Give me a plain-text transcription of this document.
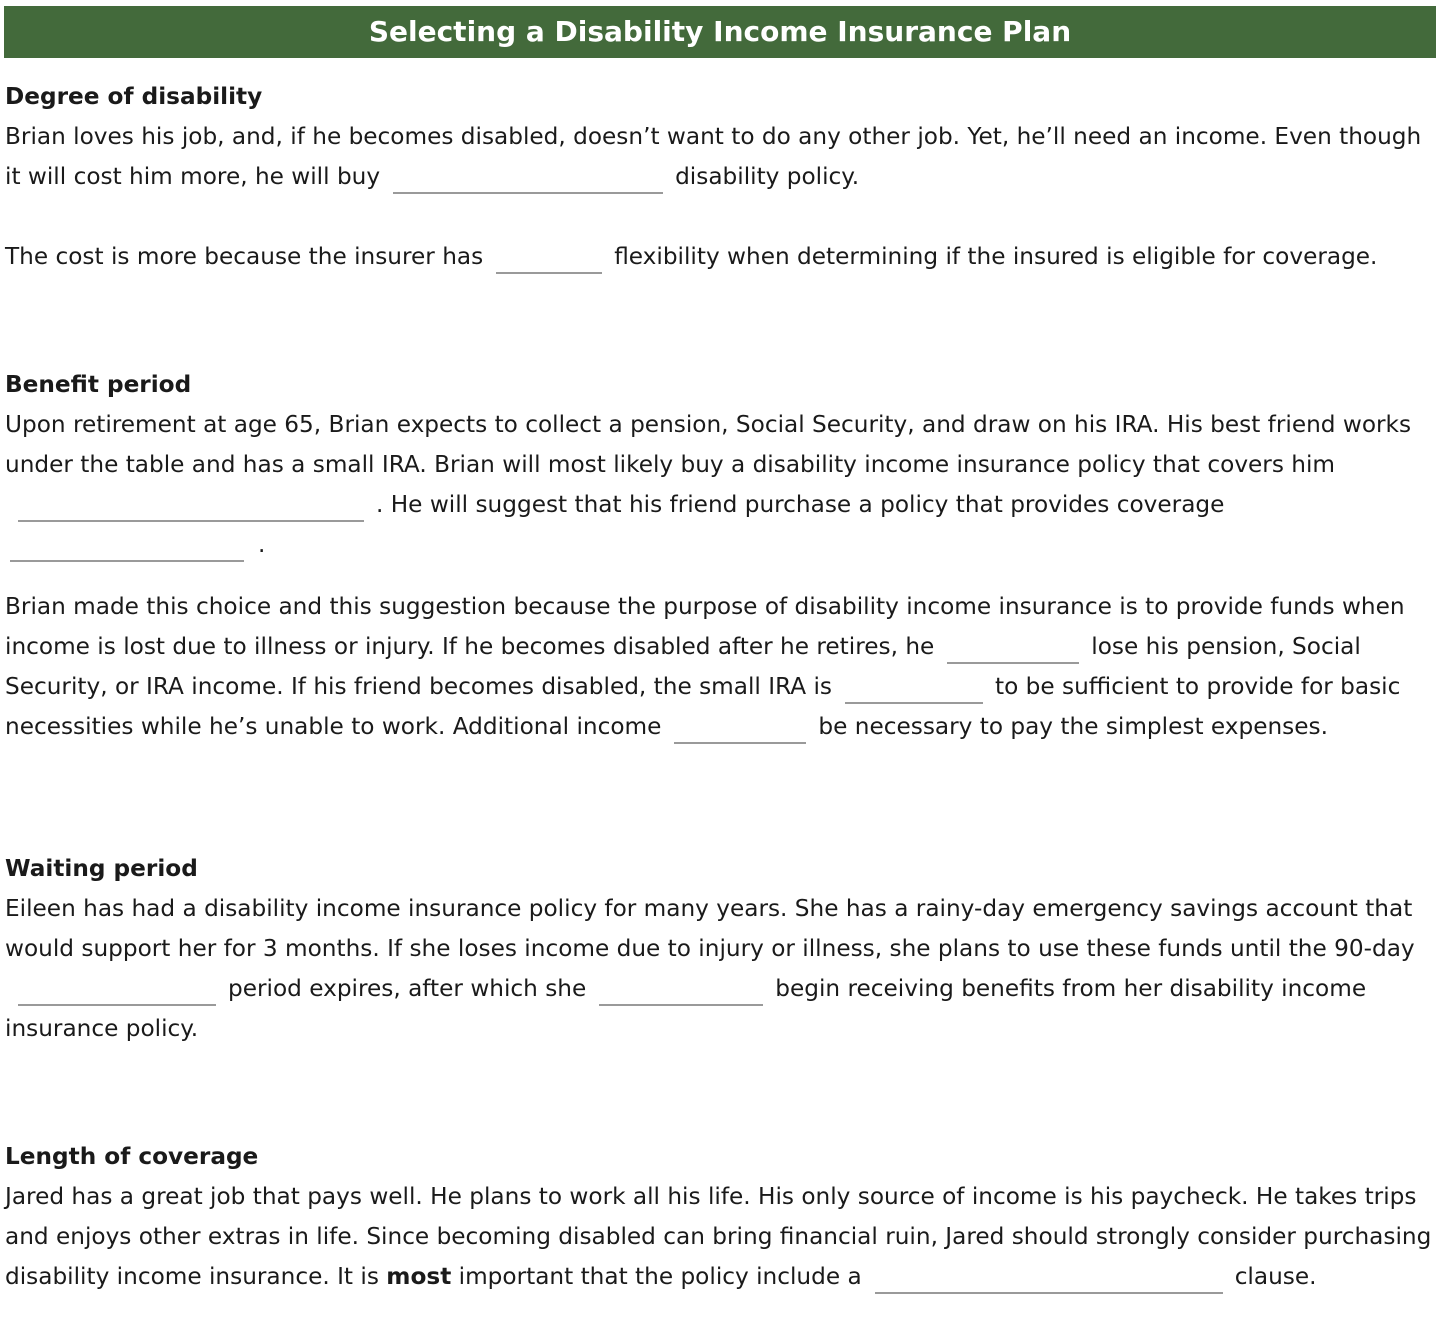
Selecting a Disability Income Insurance Plan
Degree of disability

Brian loves his job, and, if he becomes disabled, doesn’t want to do any other job. Yet, he’ll need an income. Even though it will cost him more, he will buy	disability policy.

The cost is more because the insurer has	flexibility when determining if the insured is eligible for coverage.

Benefit period

Upon retirement at age 65, Brian expects to collect a pension, Social Security, and draw on his IRA. His best friend works under the table and has a small IRA. Brian will most likely buy a disability income insurance policy that covers him. He will suggest that his friend purchase a policy that provides coverage.

Brian made this choice and this suggestion because the purpose of disability income insurance is to provide funds when income is lost due to illness or injury. If he becomes disabled after he retires, he	lose his pension, Social Security, or IRA income. If his friend becomes disabled, the small IRA is	to be sufficient to provide for basic necessities while he’s unable to work. Additional income	be necessary to pay the simplest expenses.

Waiting period

Eileen has had a disability income insurance policy for many years. She has a rainy-day emergency savings account that would support her for 3 months. If she loses income due to injury or illness, she plans to use these funds until the 90-dayperiod expires, after which she	begin receiving benefits from her disability income insurance policy.

Length of coverage

Jared has a great job that pays well. He plans to work all his life. His only source of income is his paycheck. He takes trips and enjoys other extras in life. Since becoming disabled can bring financial ruin, Jared should strongly consider purchasing disability income insurance. It is most important that the policy include a	clause.
